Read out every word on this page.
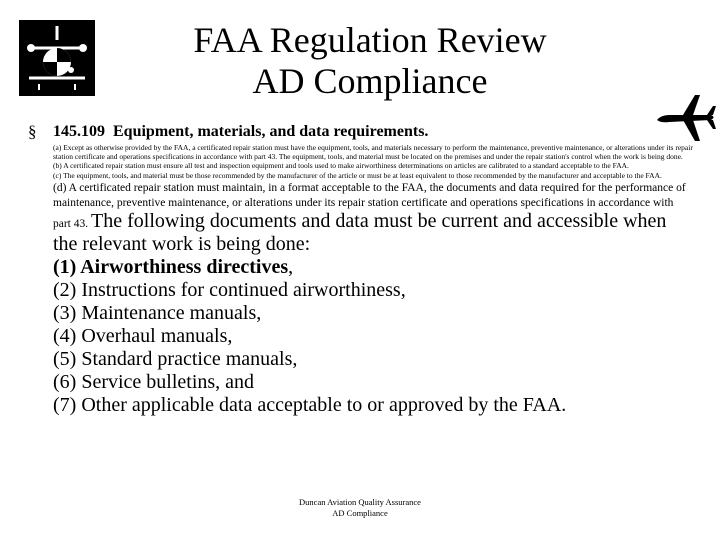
FAA Regulation Review
AD Compliance
§ 145.109 Equipment, materials, and data requirements.

(a) Except as otherwise provided by the FAA, a certificated repair station must have the equipment, tools, and materials necessary to perform the maintenance, preventive maintenance, or alterations under its repair station certificate and operations specifications in accordance with part 43. The equipment, tools, and material must be located on the premises and under the repair station's control when the work is being done.

(b) A certificated repair station must ensure all test and inspection equipment and tools used to make airworthiness determinations on articles are calibrated to a standard acceptable to the FAA.

(c) The equipment, tools, and material must be those recommended by the manufacturer of the article or must be at least equivalent to those recommended by the manufacturer and acceptable to the FAA.

(d) A certificated repair station must maintain, in a format acceptable to the FAA, the documents and data required for the performance of maintenance, preventive maintenance, or alterations under its repair station certificate and operations specifications in accordance with part 43. The following documents and data must be current and accessible when the relevant work is being done:

(1) Airworthiness directives,
(2) Instructions for continued airworthiness,
(3) Maintenance manuals,
(4) Overhaul manuals,
(5) Standard practice manuals,
(6) Service bulletins, and
(7) Other applicable data acceptable to or approved by the FAA.
Duncan Aviation Quality Assurance
AD Compliance
